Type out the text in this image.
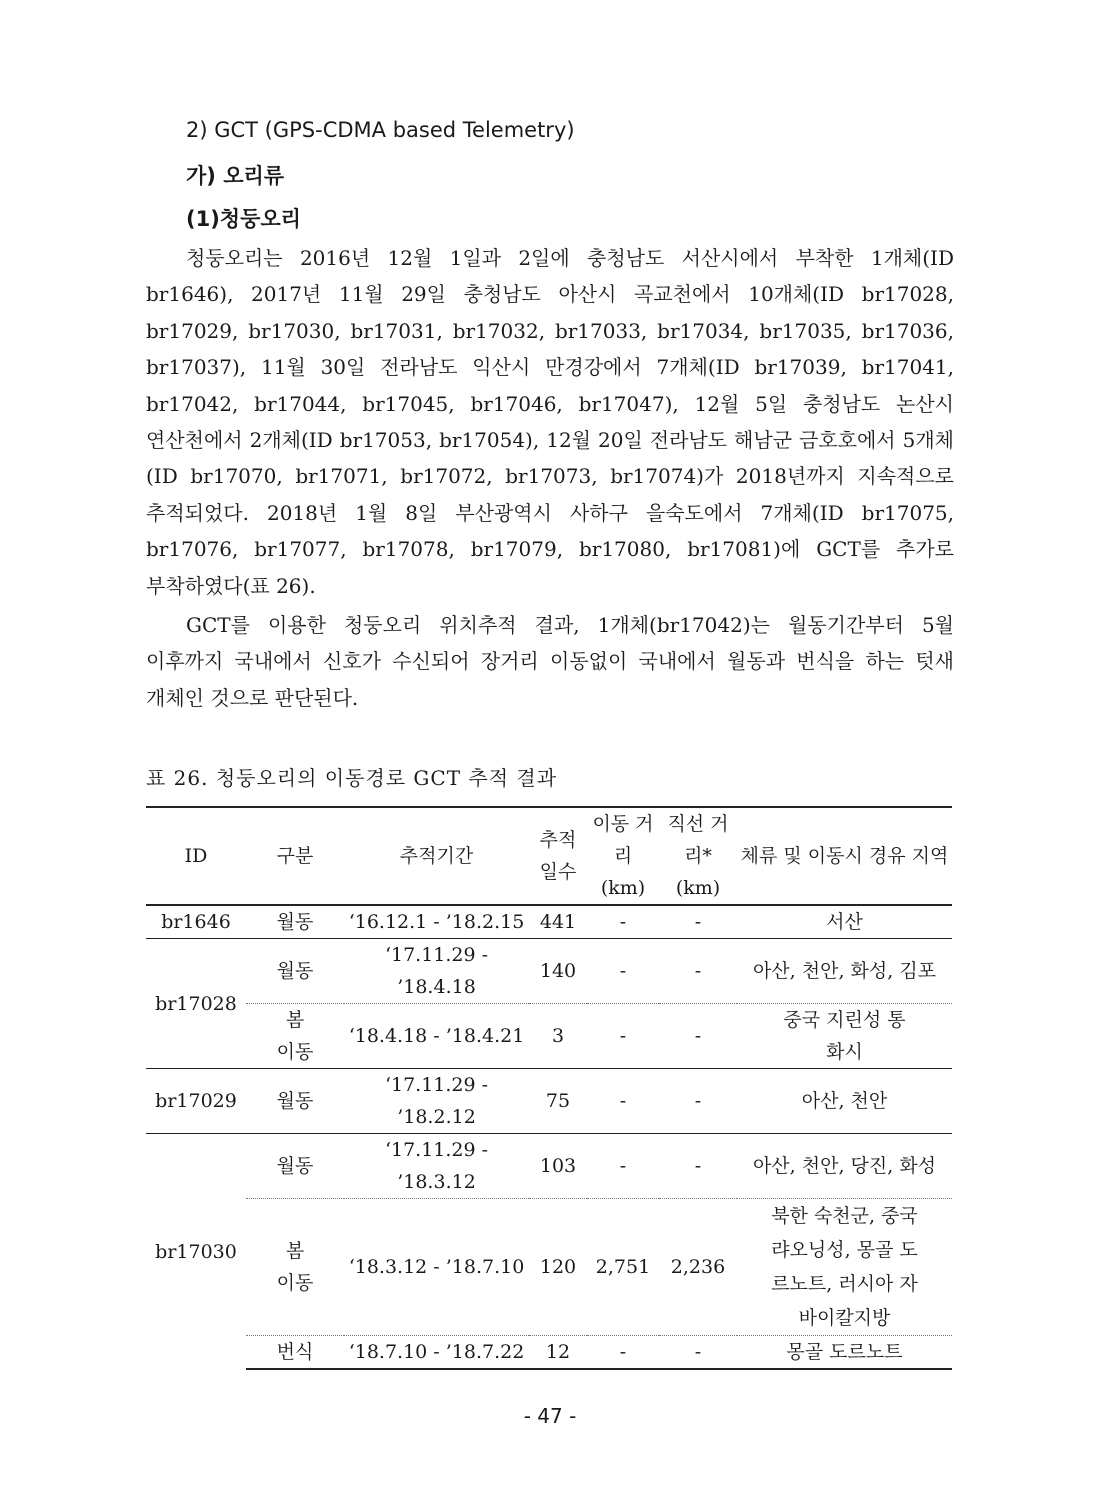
2) GCT (GPS-CDMA based Telemetry)
가) 오리류
(1)청둥오리
청둥오리는 2016년 12월 1일과 2일에 충청남도 서산시에서 부착한 1개체(ID br1646), 2017년 11월 29일 충청남도 아산시 곡교천에서 10개체(ID br17028, br17029, br17030, br17031, br17032, br17033, br17034, br17035, br17036, br17037), 11월 30일 전라남도 익산시 만경강에서 7개체(ID br17039, br17041, br17042, br17044, br17045, br17046, br17047), 12월 5일 충청남도 논산시 연산천에서 2개체(ID br17053, br17054), 12월 20일 전라남도 해남군 금호호에서 5개체(ID br17070, br17071, br17072, br17073, br17074)가 2018년까지 지속적으로 추적되었다. 2018년 1월 8일 부산광역시 사하구 을숙도에서 7개체(ID br17075, br17076, br17077, br17078, br17079, br17080, br17081)에 GCT를 추가로 부착하였다(표 26).
GCT를 이용한 청둥오리 위치추적 결과, 1개체(br17042)는 월동기간부터 5월 이후까지 국내에서 신호가 수신되어 장거리 이동없이 국내에서 월동과 번식을 하는 텃새 개체인 것으로 판단된다.
표 26. 청둥오리의 이동경로 GCT 추적 결과
ID	구분	추적기간	추적 일수	이동 거리 (km)	직선 거리* (km)	체류 및 이동시 경유 지역
br1646	월동	‘16.12.1 - ’18.2.15	441	-	-	서산
br17028	월동	‘17.11.29 - ’18.4.18	140	-	-	아산, 천안, 화성, 김포
	봄 이동	‘18.4.18 - ’18.4.21	3	-	-	중국 지린성 통화시
br17029	월동	‘17.11.29 - ’18.2.12	75	-	-	아산, 천안
br17030	월동	‘17.11.29 - ’18.3.12	103	-	-	아산, 천안, 당진, 화성
	봄 이동	‘18.3.12 - ’18.7.10	120	2,751	2,236	북한 숙천군, 중국 랴오닝성, 몽골 도르노트, 러시아 자바이칼지방
	번식	‘18.7.10 - ’18.7.22	12	-	-	몽골 도르노트
- 47 -
